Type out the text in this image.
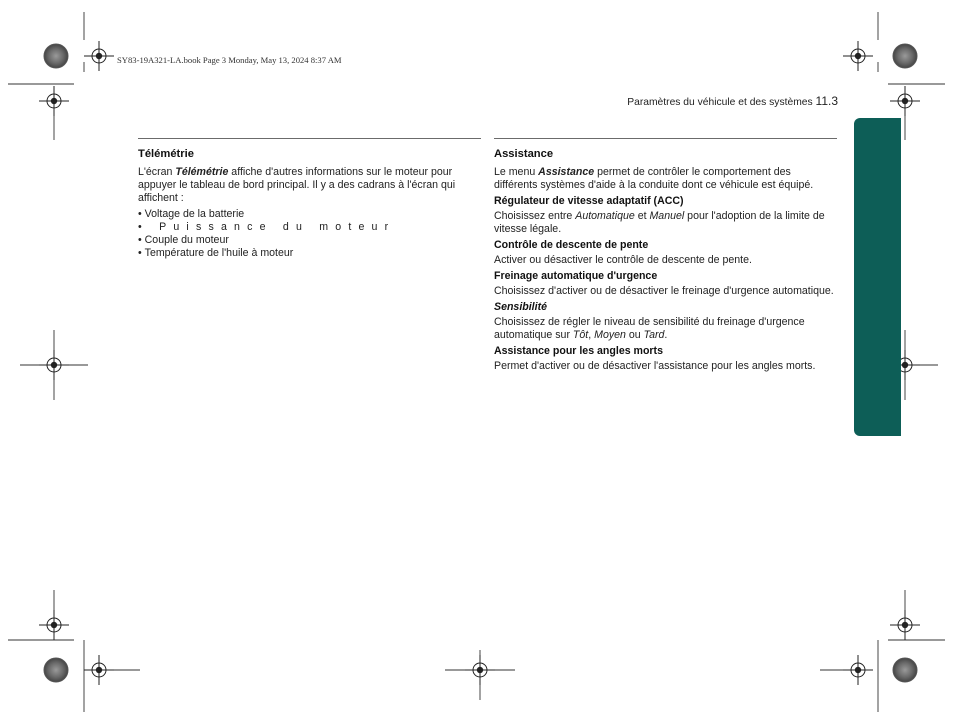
SY83-19A321-LA.book Page 3 Monday, May 13, 2024 8:37 AM
Paramètres du véhicule et des systèmes 11.3

Télémétrie

L'écran Télémétrie affiche d'autres informations sur le moteur pour appuyer le tableau de bord principal. Il y a des cadrans à l'écran qui affichent :

• Voltage de la batterie
• Puissance du moteur
• Couple du moteur
• Température de l'huile à moteur

Assistance

Le menu Assistance permet de contrôler le comportement des différents systèmes d'aide à la conduite dont ce véhicule est équipé.

Régulateur de vitesse adaptatif (ACC)

Choisissez entre Automatique et Manuel pour l'adoption de la limite de vitesse légale.

Contrôle de descente de pente

Activer ou désactiver le contrôle de descente de pente.

Freinage automatique d'urgence

Choisissez d'activer ou de désactiver le freinage d'urgence automatique.

Sensibilité

Choisissez de régler le niveau de sensibilité du freinage d'urgence automatique sur Tôt, Moyen ou Tard.

Assistance pour les angles morts

Permet d'activer ou de désactiver l'assistance pour les angles morts.
